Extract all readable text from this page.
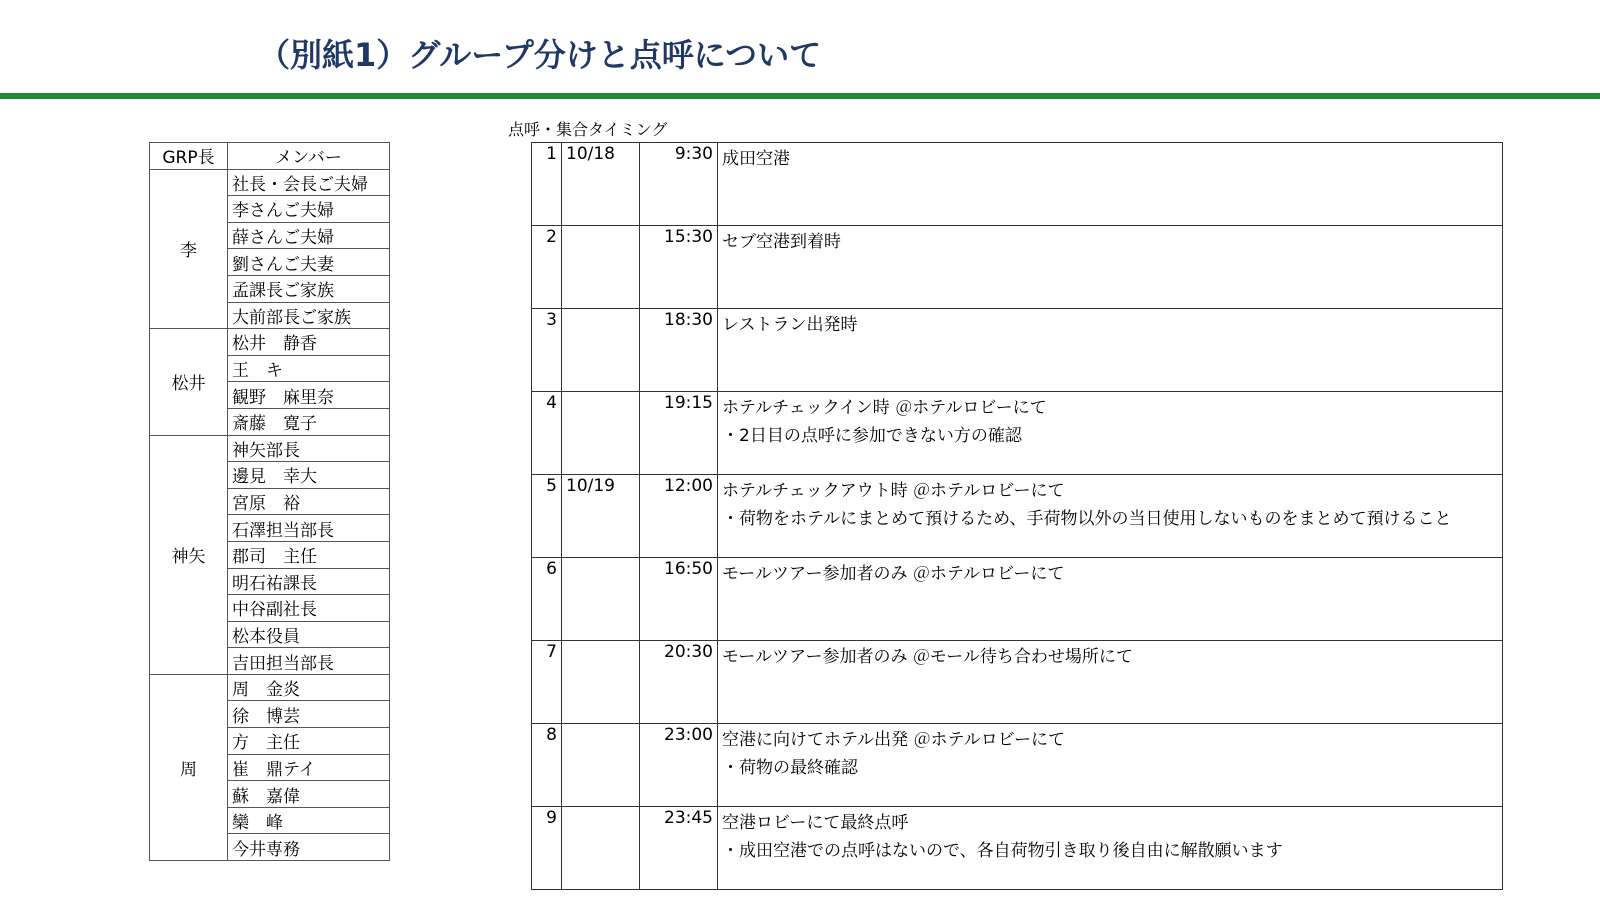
（別紙1）グループ分けと点呼について
GRP長	メンバー
李	社長・会長ご夫婦
	李さんご夫婦
	薛さんご夫婦
	劉さんご夫妻
	孟課長ご家族
	大前部長ご家族
松井	松井　静香
	王　キ
	観野　麻里奈
	斎藤　寛子
神矢	神矢部長
	邊見　幸大
	宮原　裕
	石澤担当部長
	郡司　主任
	明石祐課長
	中谷副社長
	松本役員
	吉田担当部長
周	周　金炎
	徐　博芸
	方　主任
	崔　鼎テイ
	蘇　嘉偉
	欒　峰
	今井専務
点呼・集合タイミング
1	10/18	9:30	成田空港

2		15:30	セブ空港到着時

3		18:30	レストラン出発時

4		19:15	ホテルチェックイン時 ＠ホテルロビーにて
・2日目の点呼に参加できない方の確認

5	10/19	12:00	ホテルチェックアウト時 ＠ホテルロビーにて
・荷物をホテルにまとめて預けるため、手荷物以外の当日使用しないものをまとめて預けること

6		16:50	モールツアー参加者のみ ＠ホテルロビーにて

7		20:30	モールツアー参加者のみ ＠モール待ち合わせ場所にて

8		23:00	空港に向けてホテル出発 ＠ホテルロビーにて
・荷物の最終確認

9		23:45	空港ロビーにて最終点呼
・成田空港での点呼はないので、各自荷物引き取り後自由に解散願います
